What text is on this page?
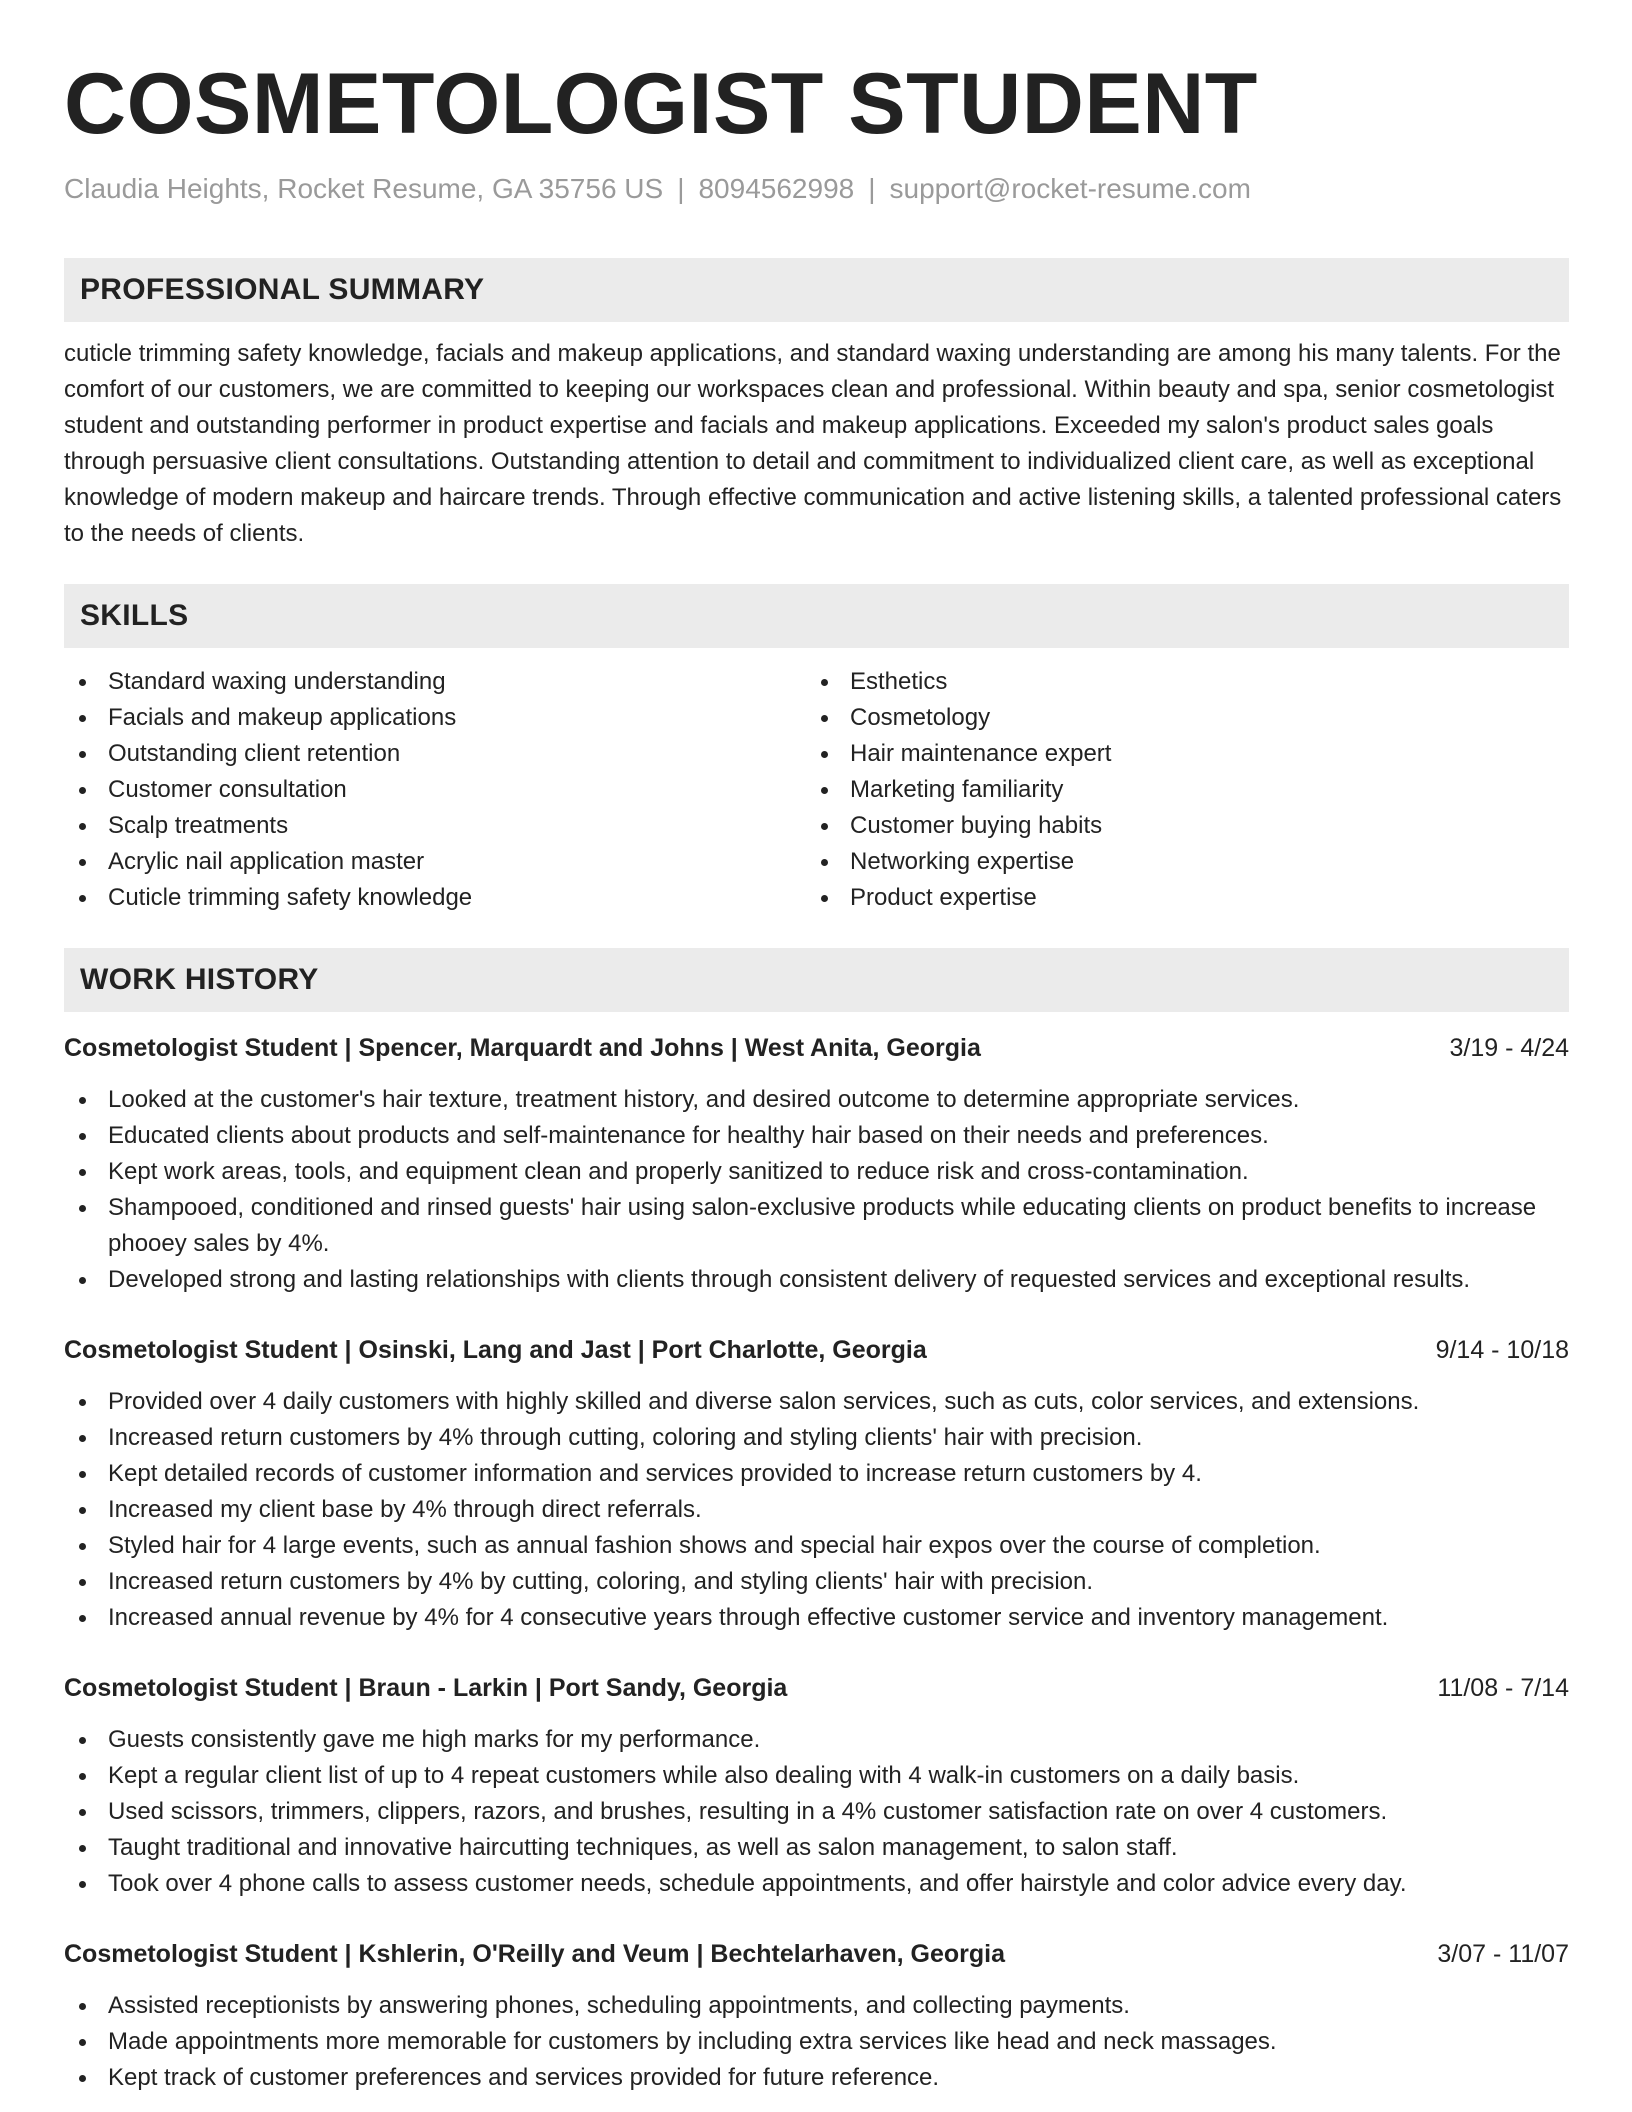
COSMETOLOGIST STUDENT
Claudia Heights, Rocket Resume, GA 35756 US | 8094562998 | support@rocket-resume.com
PROFESSIONAL SUMMARY
cuticle trimming safety knowledge, facials and makeup applications, and standard waxing understanding are among his many talents. For the comfort of our customers, we are committed to keeping our workspaces clean and professional. Within beauty and spa, senior cosmetologist student and outstanding performer in product expertise and facials and makeup applications. Exceeded my salon's product sales goals through persuasive client consultations. Outstanding attention to detail and commitment to individualized client care, as well as exceptional knowledge of modern makeup and haircare trends. Through effective communication and active listening skills, a talented professional caters to the needs of clients.
SKILLS
Standard waxing understanding
Facials and makeup applications
Outstanding client retention
Customer consultation
Scalp treatments
Acrylic nail application master
Cuticle trimming safety knowledge
Esthetics
Cosmetology
Hair maintenance expert
Marketing familiarity
Customer buying habits
Networking expertise
Product expertise
WORK HISTORY
Cosmetologist Student | Spencer, Marquardt and Johns | West Anita, Georgia	3/19 - 4/24
Looked at the customer's hair texture, treatment history, and desired outcome to determine appropriate services.
Educated clients about products and self-maintenance for healthy hair based on their needs and preferences.
Kept work areas, tools, and equipment clean and properly sanitized to reduce risk and cross-contamination.
Shampooed, conditioned and rinsed guests' hair using salon-exclusive products while educating clients on product benefits to increase phooey sales by 4%.
Developed strong and lasting relationships with clients through consistent delivery of requested services and exceptional results.
Cosmetologist Student | Osinski, Lang and Jast | Port Charlotte, Georgia	9/14 - 10/18
Provided over 4 daily customers with highly skilled and diverse salon services, such as cuts, color services, and extensions.
Increased return customers by 4% through cutting, coloring and styling clients' hair with precision.
Kept detailed records of customer information and services provided to increase return customers by 4.
Increased my client base by 4% through direct referrals.
Styled hair for 4 large events, such as annual fashion shows and special hair expos over the course of completion.
Increased return customers by 4% by cutting, coloring, and styling clients' hair with precision.
Increased annual revenue by 4% for 4 consecutive years through effective customer service and inventory management.
Cosmetologist Student | Braun - Larkin | Port Sandy, Georgia	11/08 - 7/14
Guests consistently gave me high marks for my performance.
Kept a regular client list of up to 4 repeat customers while also dealing with 4 walk-in customers on a daily basis.
Used scissors, trimmers, clippers, razors, and brushes, resulting in a 4% customer satisfaction rate on over 4 customers.
Taught traditional and innovative haircutting techniques, as well as salon management, to salon staff.
Took over 4 phone calls to assess customer needs, schedule appointments, and offer hairstyle and color advice every day.
Cosmetologist Student | Kshlerin, O'Reilly and Veum | Bechtelarhaven, Georgia	3/07 - 11/07
Assisted receptionists by answering phones, scheduling appointments, and collecting payments.
Made appointments more memorable for customers by including extra services like head and neck massages.
Kept track of customer preferences and services provided for future reference.
